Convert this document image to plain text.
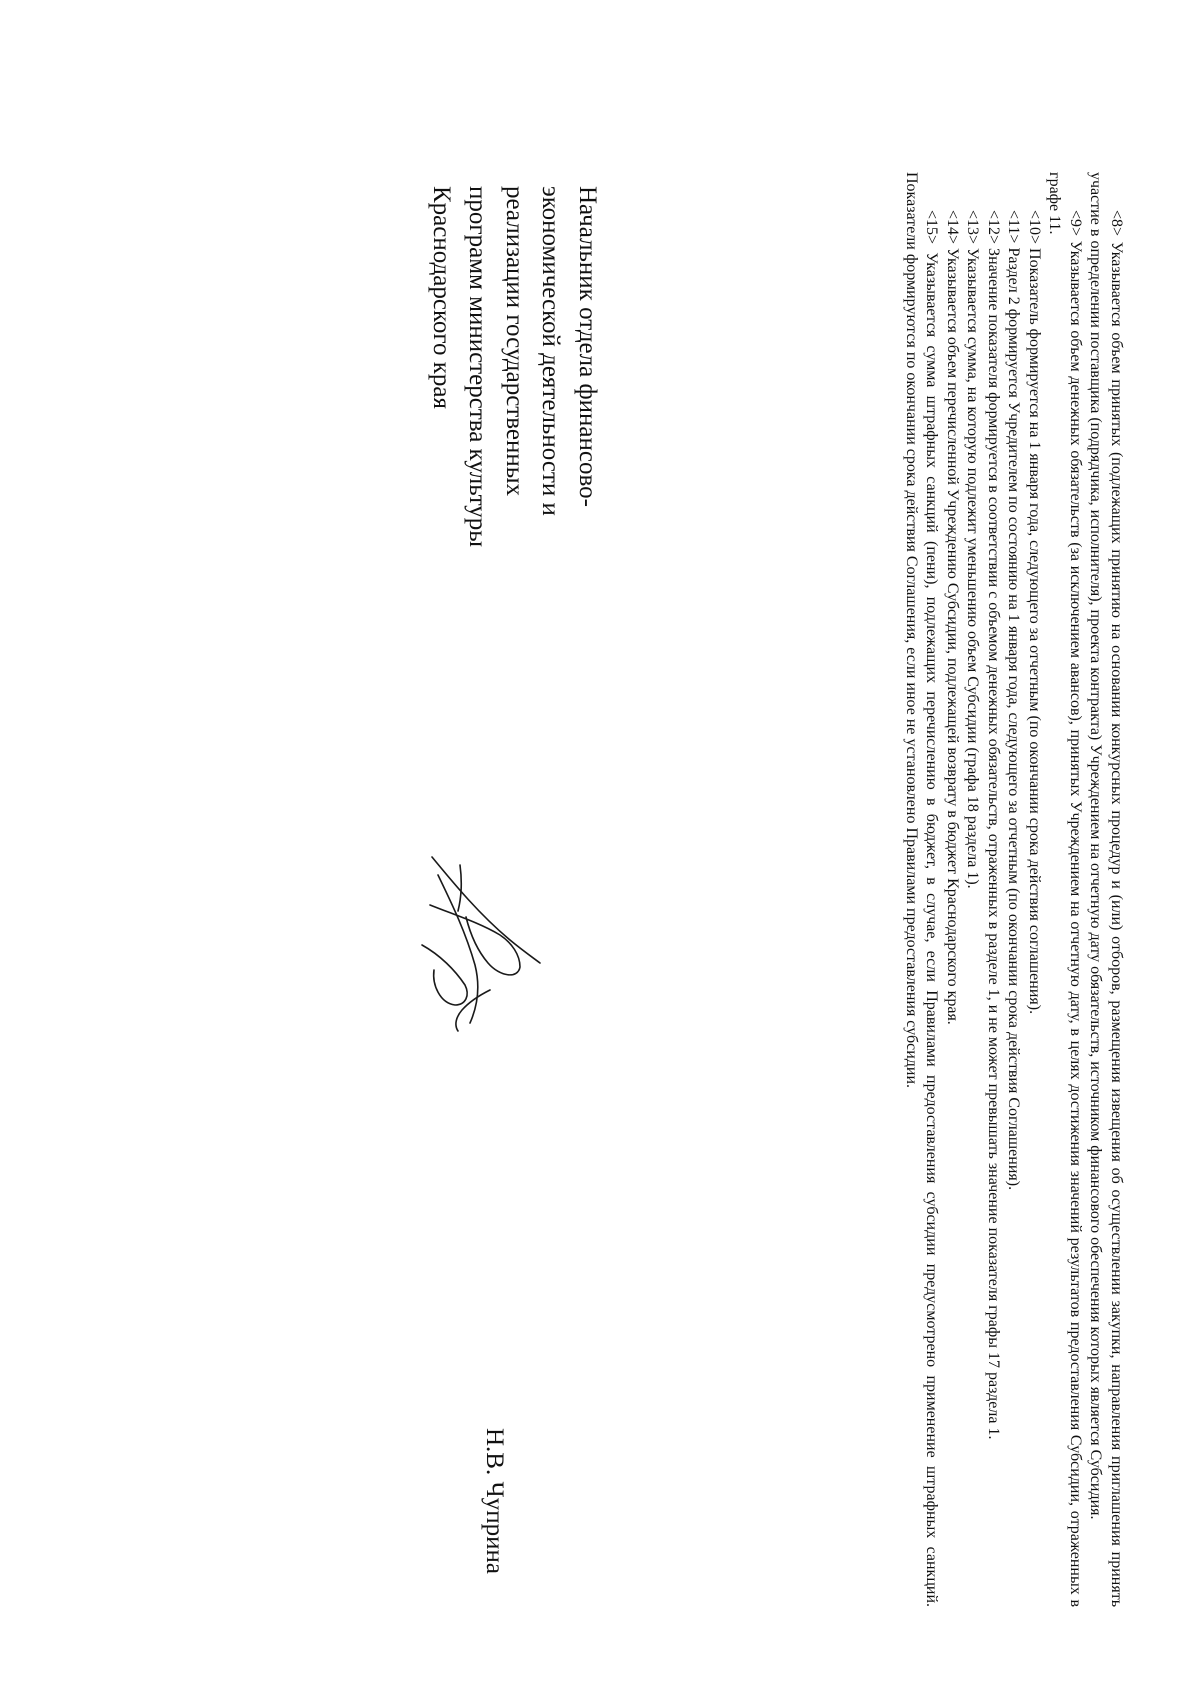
<8> Указывается объем принятых (подлежащих принятию на основании конкурсных процедур и (или) отборов, размещения извещения об осуществлении закупки, направления приглашения принять участие в определении поставщика (подрядчика, исполнителя), проекта контракта) Учреждением на отчетную дату обязательств, источником финансового обеспечения которых является Субсидия.

<9> Указывается объем денежных обязательств (за исключением авансов), принятых Учреждением на отчетную дату, в целях достижения значений результатов предоставления Субсидии, отраженных в графе 11.

<10> Показатель формируется на 1 января года, следующего за отчетным (по окончании срока действия соглашения).

<11> Раздел 2 формируется Учредителем по состоянию на 1 января года, следующего за отчетным (по окончании срока действия Соглашения).

<12> Значение показателя формируется в соответствии с объемом денежных обязательств, отраженных в разделе 1, и не может превышать значение показателя графы 17 раздела 1.

<13> Указывается сумма, на которую подлежит уменьшению объем Субсидии (графа 18 раздела 1).

<14> Указывается объем перечисленной Учреждению Субсидии, подлежащей возврату в бюджет Краснодарского края.

<15> Указывается сумма штрафных санкций (пени), подлежащих перечислению в бюджет, в случае, если Правилами предоставления субсидии предусмотрено применение штрафных санкций. Показатели формируются по окончании срока действия Соглашения, если иное не установлено Правилами предоставления субсидии.

Начальник отдела финансово-
экономической деятельности и
реализации государственных
программ министерства культуры
Краснодарского края
Н.В. Чуприна
